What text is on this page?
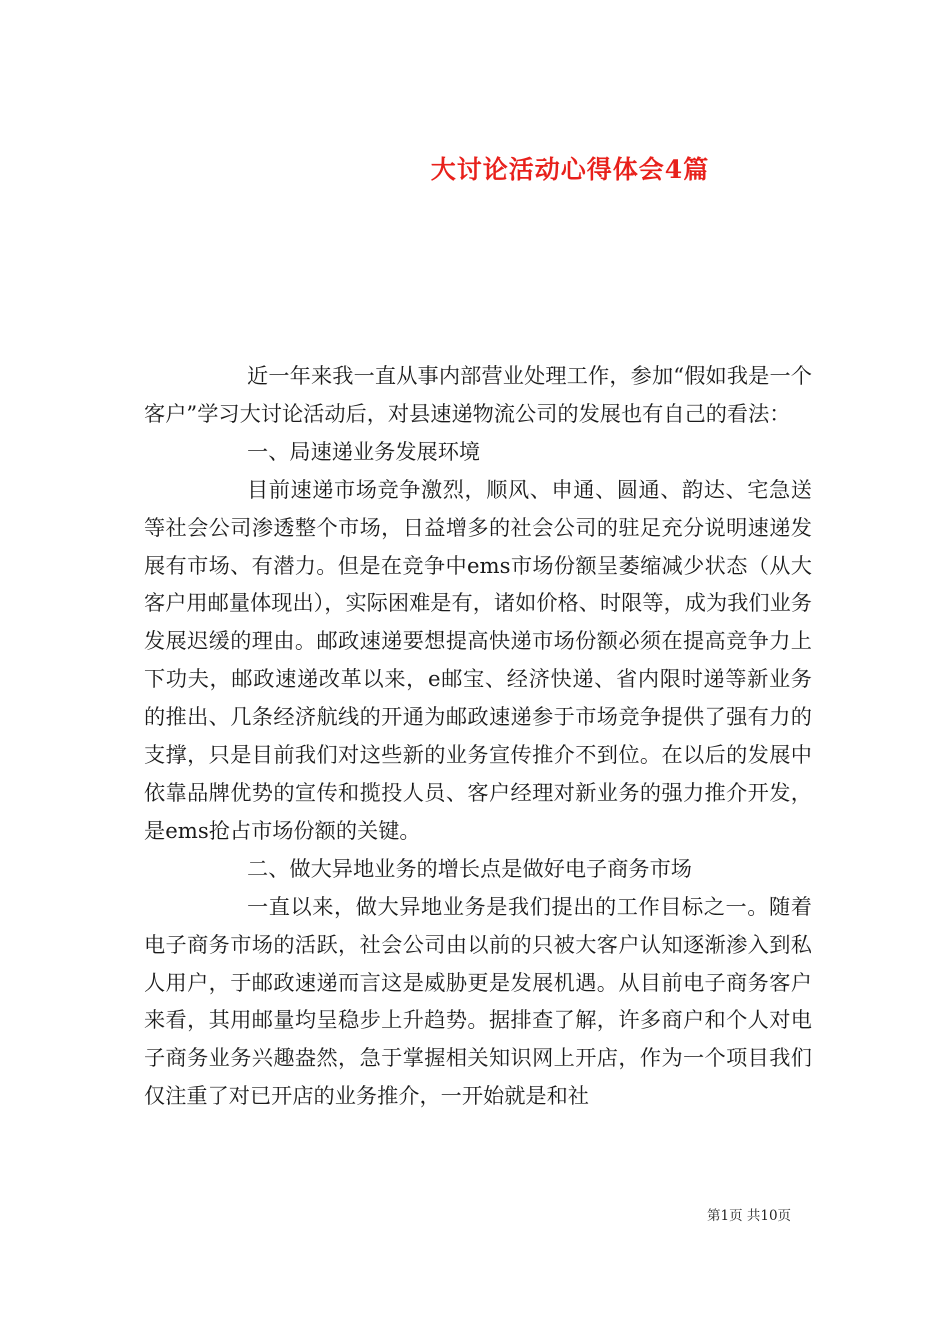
大讨论活动心得体会4篇

近一年来我一直从事内部营业处理工作，参加“假如我是一个客户”学习大讨论活动后，对县速递物流公司的发展也有自己的看法：

一、局速递业务发展环境

目前速递市场竞争激烈，顺风、申通、圆通、韵达、宅急送等社会公司渗透整个市场，日益增多的社会公司的驻足充分说明速递发展有市场、有潜力。但是在竞争中ems市场份额呈萎缩减少状态（从大客户用邮量体现出），实际困难是有，诸如价格、时限等，成为我们业务发展迟缓的理由。邮政速递要想提高快递市场份额必须在提高竞争力上下功夫，邮政速递改革以来，e邮宝、经济快递、省内限时递等新业务的推出、几条经济航线的开通为邮政速递参于市场竞争提供了强有力的支撑，只是目前我们对这些新的业务宣传推介不到位。在以后的发展中依靠品牌优势的宣传和揽投人员、客户经理对新业务的强力推介开发，是ems抢占市场份额的关键。

二、做大异地业务的增长点是做好电子商务市场

一直以来，做大异地业务是我们提出的工作目标之一。随着电子商务市场的活跃，社会公司由以前的只被大客户认知逐渐渗入到私人用户，于邮政速递而言这是威胁更是发展机遇。从目前电子商务客户来看，其用邮量均呈稳步上升趋势。据排查了解，许多商户和个人对电子商务业务兴趣盎然，急于掌握相关知识网上开店，作为一个项目我们仅注重了对已开店的业务推介，一开始就是和社

第1页 共10页
